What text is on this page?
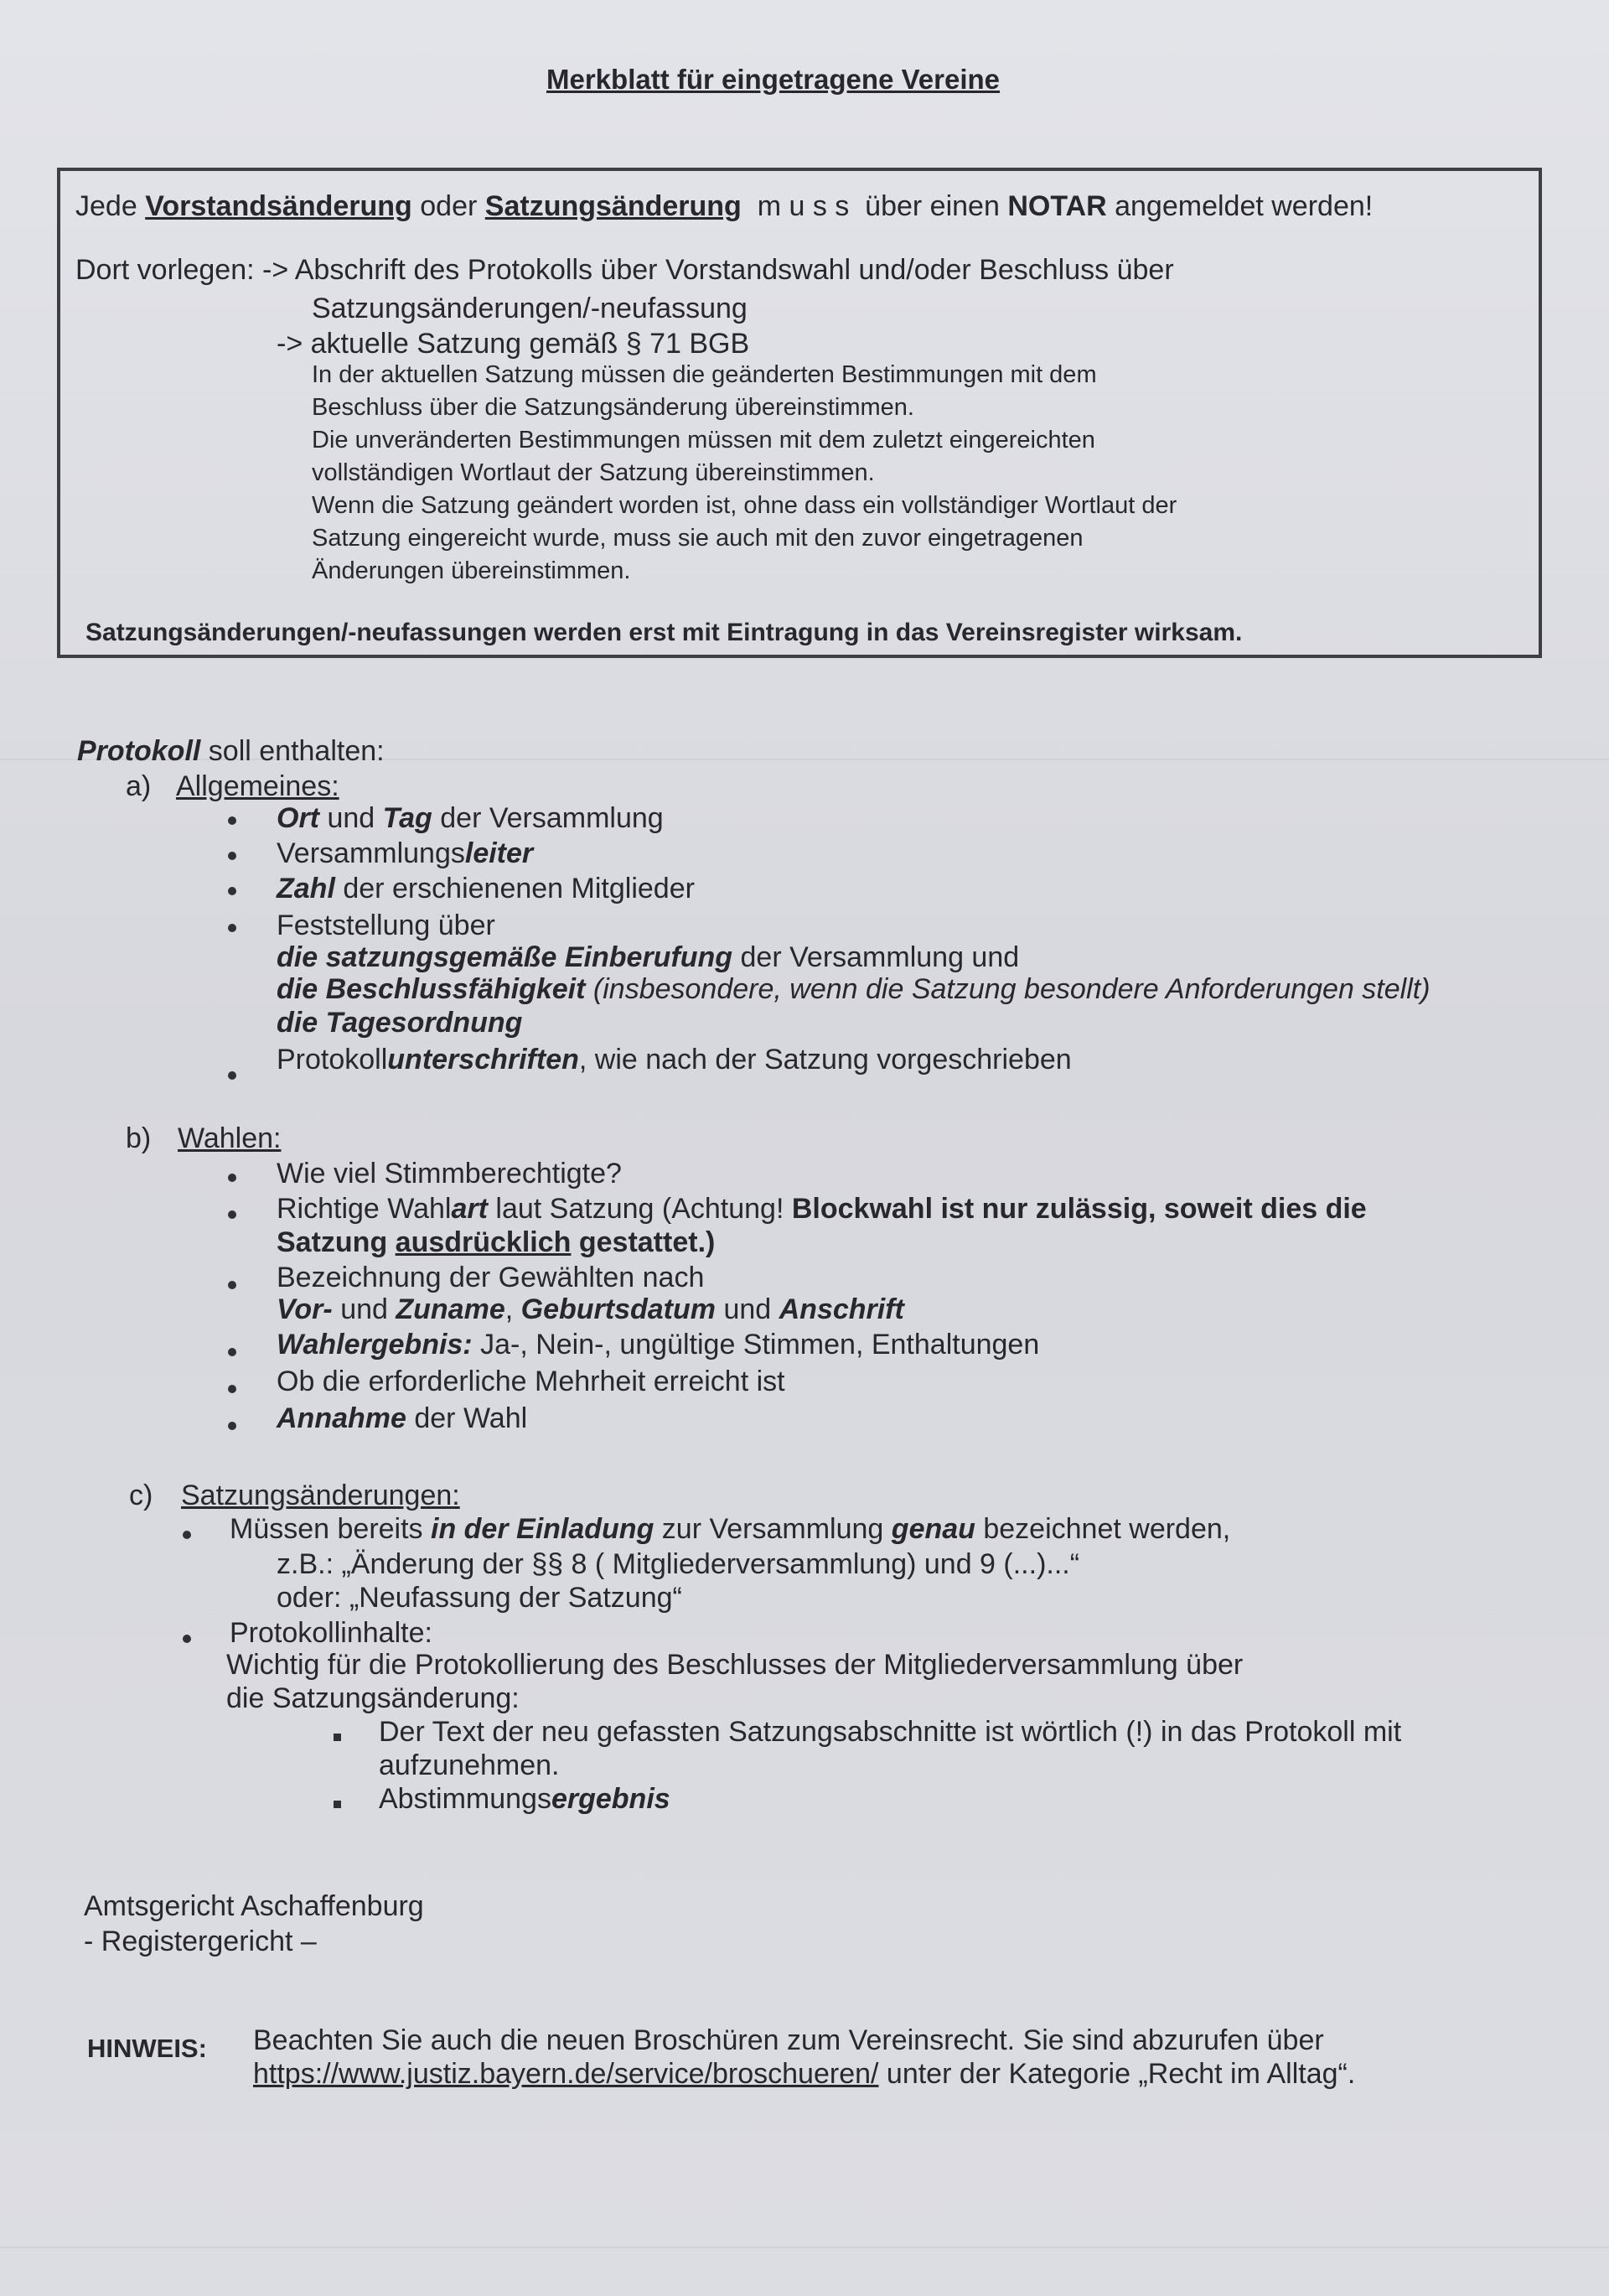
Merkblatt für eingetragene Vereine
Jede Vorstandsänderung oder Satzungsänderung  m u s s  über einen NOTAR angemeldet werden!
Dort vorlegen: -> Abschrift des Protokolls über Vorstandswahl und/oder Beschluss über
Satzungsänderungen/-neufassung
-> aktuelle Satzung gemäß § 71 BGB
In der aktuellen Satzung müssen die geänderten Bestimmungen mit dem
Beschluss über die Satzungsänderung übereinstimmen.
Die unveränderten Bestimmungen müssen mit dem zuletzt eingereichten
vollständigen Wortlaut der Satzung übereinstimmen.
Wenn die Satzung geändert worden ist, ohne dass ein vollständiger Wortlaut der
Satzung eingereicht wurde, muss sie auch mit den zuvor eingetragenen
Änderungen übereinstimmen.
Satzungsänderungen/-neufassungen werden erst mit Eintragung in das Vereinsregister wirksam.
Protokoll soll enthalten:
a) Allgemeines:
Ort und Tag der Versammlung
Versammlungsleiter
Zahl der erschienenen Mitglieder
Feststellung über
die satzungsgemäße Einberufung der Versammlung und
die Beschlussfähigkeit (insbesondere, wenn die Satzung besondere Anforderungen stellt)
die Tagesordnung
Protokollunterschriften, wie nach der Satzung vorgeschrieben
b) Wahlen:
Wie viel Stimmberechtigte?
Richtige Wahlart laut Satzung (Achtung! Blockwahl ist nur zulässig, soweit dies die
Satzung ausdrücklich gestattet.)
Bezeichnung der Gewählten nach
Vor- und Zuname, Geburtsdatum und Anschrift
Wahlergebnis: Ja-, Nein-, ungültige Stimmen, Enthaltungen
Ob die erforderliche Mehrheit erreicht ist
Annahme der Wahl
c) Satzungsänderungen:
Müssen bereits in der Einladung zur Versammlung genau bezeichnet werden,
z.B.: „Änderung der §§ 8 ( Mitgliederversammlung) und 9 (...)...“
oder: „Neufassung der Satzung“
Protokollinhalte:
Wichtig für die Protokollierung des Beschlusses der Mitgliederversammlung über
die Satzungsänderung:
Der Text der neu gefassten Satzungsabschnitte ist wörtlich (!) in das Protokoll mit
aufzunehmen.
Abstimmungsergebnis
Amtsgericht Aschaffenburg
- Registergericht –
HINWEIS: Beachten Sie auch die neuen Broschüren zum Vereinsrecht. Sie sind abzurufen über
https://www.justiz.bayern.de/service/broschueren/ unter der Kategorie „Recht im Alltag“.
